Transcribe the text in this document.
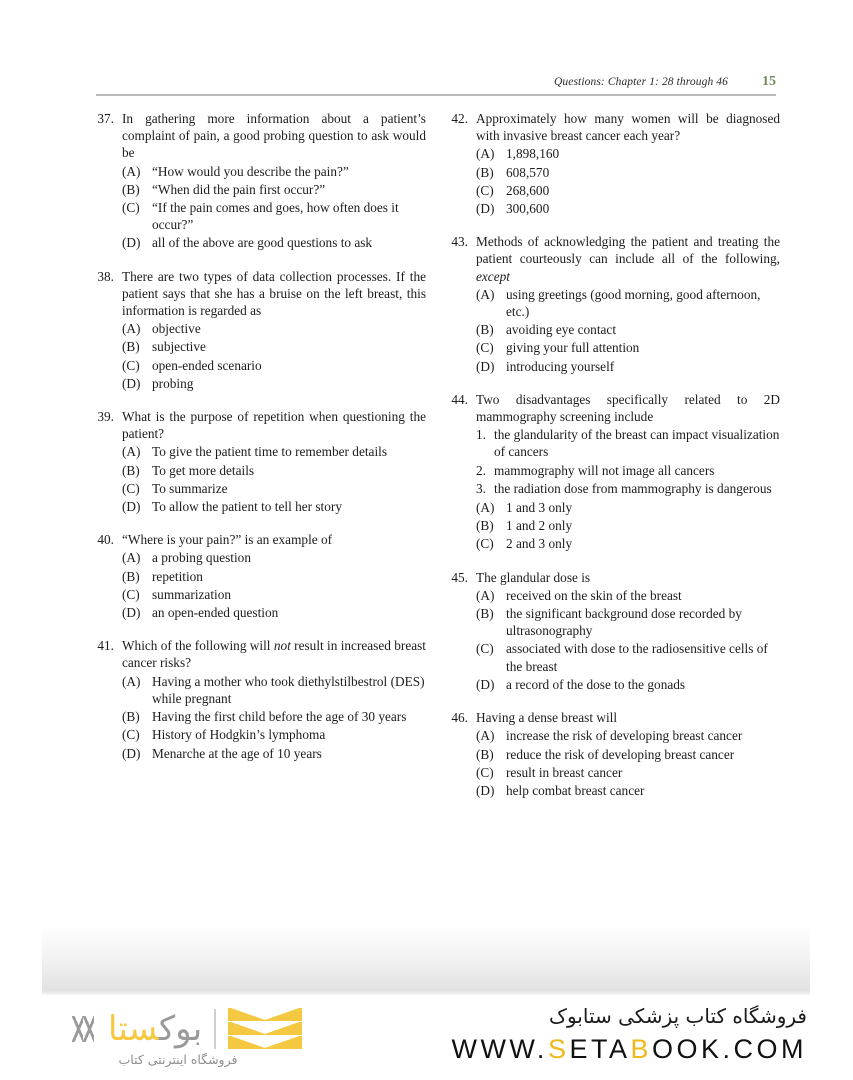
Questions: Chapter 1: 28 through 46	15
37. In gathering more information about a patient’s complaint of pain, a good probing question to ask would be
(A) “How would you describe the pain?”
(B) “When did the pain first occur?”
(C) “If the pain comes and goes, how often does it occur?”
(D) all of the above are good questions to ask
38. There are two types of data collection processes. If the patient says that she has a bruise on the left breast, this information is regarded as
(A) objective
(B) subjective
(C) open-ended scenario
(D) probing
39. What is the purpose of repetition when questioning the patient?
(A) To give the patient time to remember details
(B) To get more details
(C) To summarize
(D) To allow the patient to tell her story
40. “Where is your pain?” is an example of
(A) a probing question
(B) repetition
(C) summarization
(D) an open-ended question
41. Which of the following will not result in increased breast cancer risks?
(A) Having a mother who took diethylstilbestrol (DES) while pregnant
(B) Having the first child before the age of 30 years
(C) History of Hodgkin’s lymphoma
(D) Menarche at the age of 10 years
42. Approximately how many women will be diagnosed with invasive breast cancer each year?
(A) 1,898,160
(B) 608,570
(C) 268,600
(D) 300,600
43. Methods of acknowledging the patient and treating the patient courteously can include all of the following, except
(A) using greetings (good morning, good afternoon, etc.)
(B) avoiding eye contact
(C) giving your full attention
(D) introducing yourself
44. Two disadvantages specifically related to 2D mammography screening include
1. the glandularity of the breast can impact visualization of cancers
2. mammography will not image all cancers
3. the radiation dose from mammography is dangerous
(A) 1 and 3 only
(B) 1 and 2 only
(C) 2 and 3 only
45. The glandular dose is
(A) received on the skin of the breast
(B) the significant background dose recorded by ultrasonography
(C) associated with dose to the radiosensitive cells of the breast
(D) a record of the dose to the gonads
46. Having a dense breast will
(A) increase the risk of developing breast cancer
(B) reduce the risk of developing breast cancer
(C) result in breast cancer
(D) help combat breast cancer
بوکستا
فروشگاه اینترنتی کتاب
فروشگاه کتاب پزشکی ستابوک
WWW.SETABOOK.COM
